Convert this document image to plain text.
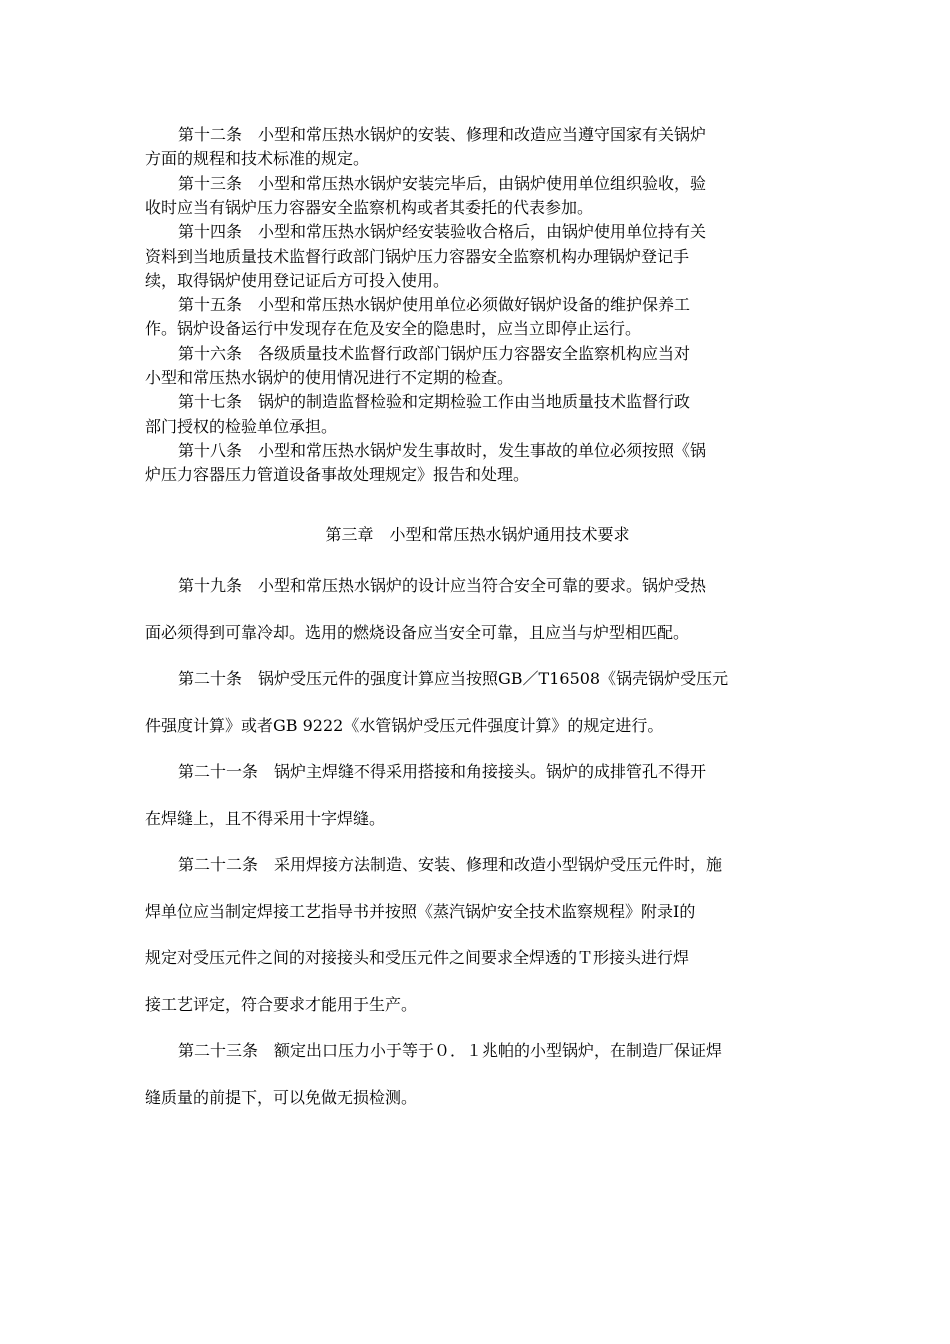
第十二条　小型和常压热水锅炉的安装、修理和改造应当遵守国家有关锅炉
方面的规程和技术标准的规定。
第十三条　小型和常压热水锅炉安装完毕后，由锅炉使用单位组织验收，验
收时应当有锅炉压力容器安全监察机构或者其委托的代表参加。
第十四条　小型和常压热水锅炉经安装验收合格后，由锅炉使用单位持有关
资料到当地质量技术监督行政部门锅炉压力容器安全监察机构办理锅炉登记手
续，取得锅炉使用登记证后方可投入使用。
第十五条　小型和常压热水锅炉使用单位必须做好锅炉设备的维护保养工
作。锅炉设备运行中发现存在危及安全的隐患时，应当立即停止运行。
第十六条　各级质量技术监督行政部门锅炉压力容器安全监察机构应当对
小型和常压热水锅炉的使用情况进行不定期的检查。
第十七条　锅炉的制造监督检验和定期检验工作由当地质量技术监督行政
部门授权的检验单位承担。
第十八条　小型和常压热水锅炉发生事故时，发生事故的单位必须按照《锅
炉压力容器压力管道设备事故处理规定》报告和处理。
第三章　小型和常压热水锅炉通用技术要求
第十九条　小型和常压热水锅炉的设计应当符合安全可靠的要求。锅炉受热
面必须得到可靠冷却。选用的燃烧设备应当安全可靠，且应当与炉型相匹配。
第二十条　锅炉受压元件的强度计算应当按照GB／T16508《锅壳锅炉受压元
件强度计算》或者GB 9222《水管锅炉受压元件强度计算》的规定进行。
第二十一条　锅炉主焊缝不得采用搭接和角接接头。锅炉的成排管孔不得开
在焊缝上，且不得采用十字焊缝。
第二十二条　采用焊接方法制造、安装、修理和改造小型锅炉受压元件时，施
焊单位应当制定焊接工艺指导书并按照《蒸汽锅炉安全技术监察规程》附录Ⅰ的
规定对受压元件之间的对接接头和受压元件之间要求全焊透的Ｔ形接头进行焊
接工艺评定，符合要求才能用于生产。
第二十三条　额定出口压力小于等于０．１兆帕的小型锅炉，在制造厂保证焊
缝质量的前提下，可以免做无损检测。
